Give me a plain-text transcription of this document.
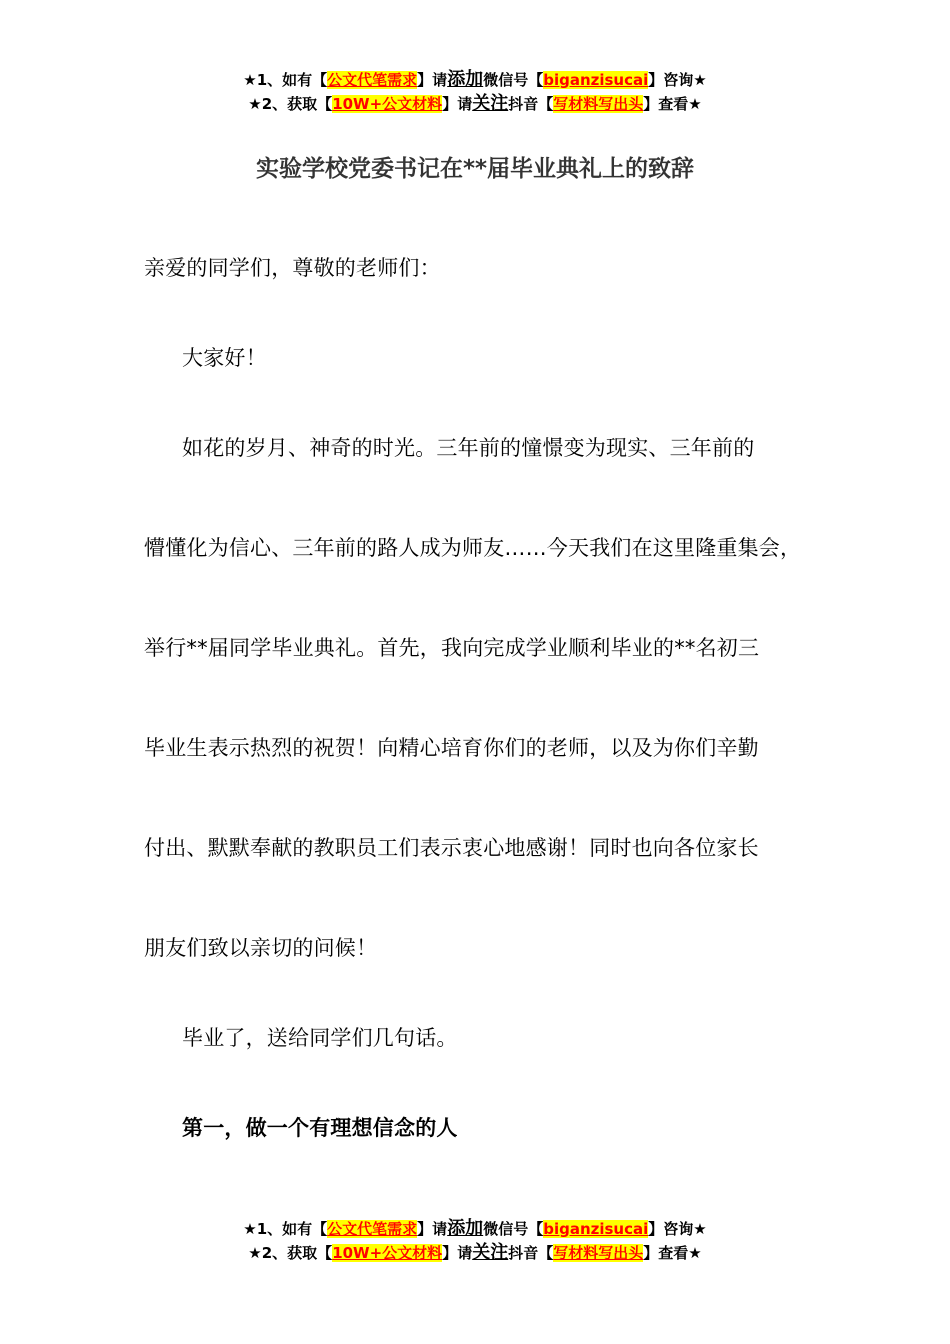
★1、如有【公文代笔需求】请添加微信号【biganzisucai】咨询★
★2、获取【10W+公文材料】请关注抖音【写材料写出头】查看★
实验学校党委书记在**届毕业典礼上的致辞
亲爱的同学们，尊敬的老师们：
大家好！
如花的岁月、神奇的时光。三年前的憧憬变为现实、三年前的
懵懂化为信心、三年前的路人成为师友……今天我们在这里隆重集会，
举行**届同学毕业典礼。首先，我向完成学业顺利毕业的**名初三
毕业生表示热烈的祝贺！向精心培育你们的老师，以及为你们辛勤
付出、默默奉献的教职员工们表示衷心地感谢！同时也向各位家长
朋友们致以亲切的问候！
毕业了，送给同学们几句话。
第一，做一个有理想信念的人
★1、如有【公文代笔需求】请添加微信号【biganzisucai】咨询★
★2、获取【10W+公文材料】请关注抖音【写材料写出头】查看★
